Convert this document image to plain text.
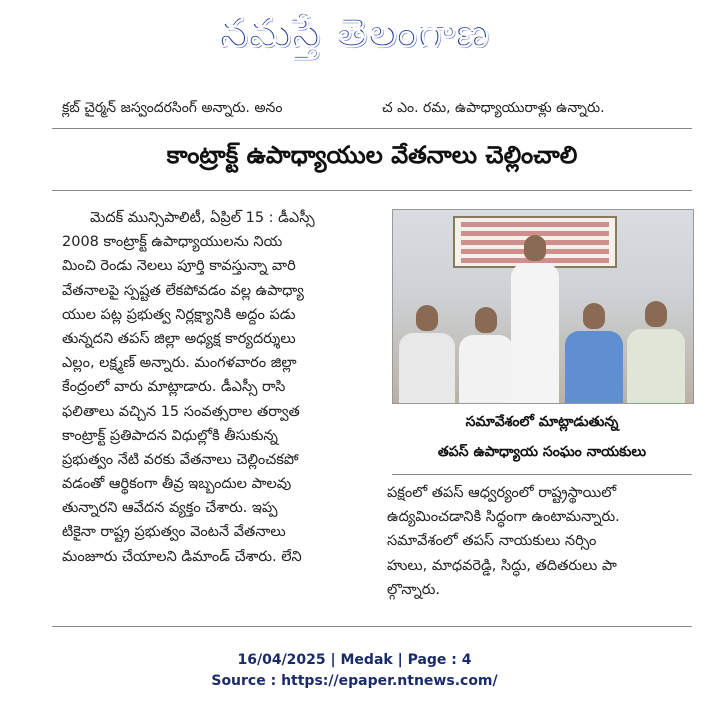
నమస్తే తెలంగాణ
క్లబ్ చైర్మన్ జస్వందరసింగ్ అన్నారు. అనం	చ ఎం. రమ, ఉపాధ్యాయురాళ్లు ఉన్నారు.
కాంట్రాక్ట్ ఉపాధ్యాయుల వేతనాలు చెల్లించాలి
మెదక్ మున్సిపాలిటీ, ఏప్రిల్ 15 : డీఎస్సీ
2008 కాంట్రాక్ట్ ఉపాధ్యాయులను నియ
మించి రెండు నెలలు పూర్తి కావస్తున్నా వారి
వేతనాలపై స్పష్టత లేకపోవడం వల్ల ఉపాధ్యా
యుల పట్ల ప్రభుత్వ నిర్లక్ష్యానికి అద్దం పడు
తున్నదని తపస్ జిల్లా అధ్యక్ష కార్యదర్శులు
ఎల్లం, లక్ష్మణ్ అన్నారు. మంగళవారం జిల్లా
కేంద్రంలో వారు మాట్లాడారు. డీఎస్సీ రాసి
ఫలితాలు వచ్చిన 15 సంవత్సరాల తర్వాత
కాంట్రాక్ట్ ప్రతిపాదన విధుల్లోకి తీసుకున్న
ప్రభుత్వం నేటి వరకు వేతనాలు చెల్లించకపో
వడంతో ఆర్థికంగా తీవ్ర ఇబ్బందుల పాలవు
తున్నారని ఆవేదన వ్యక్తం చేశారు. ఇప్ప
టికైనా రాష్ట్ర ప్రభుత్వం వెంటనే వేతనాలు
మంజూరు చేయాలని డిమాండ్ చేశారు. లేని
సమావేశంలో మాట్లాడుతున్న
తపస్ ఉపాధ్యాయ సంఘం నాయకులు
పక్షంలో తపస్ ఆధ్వర్యంలో రాష్ట్రస్థాయిలో
ఉద్యమించడానికి సిద్ధంగా ఉంటామన్నారు.
సమావేశంలో తపస్ నాయకులు నర్సిం
హులు, మాధవరెడ్డి, సిద్ధు, తదితరులు పా
ల్గొన్నారు.
16/04/2025 | Medak | Page : 4
Source : https://epaper.ntnews.com/
